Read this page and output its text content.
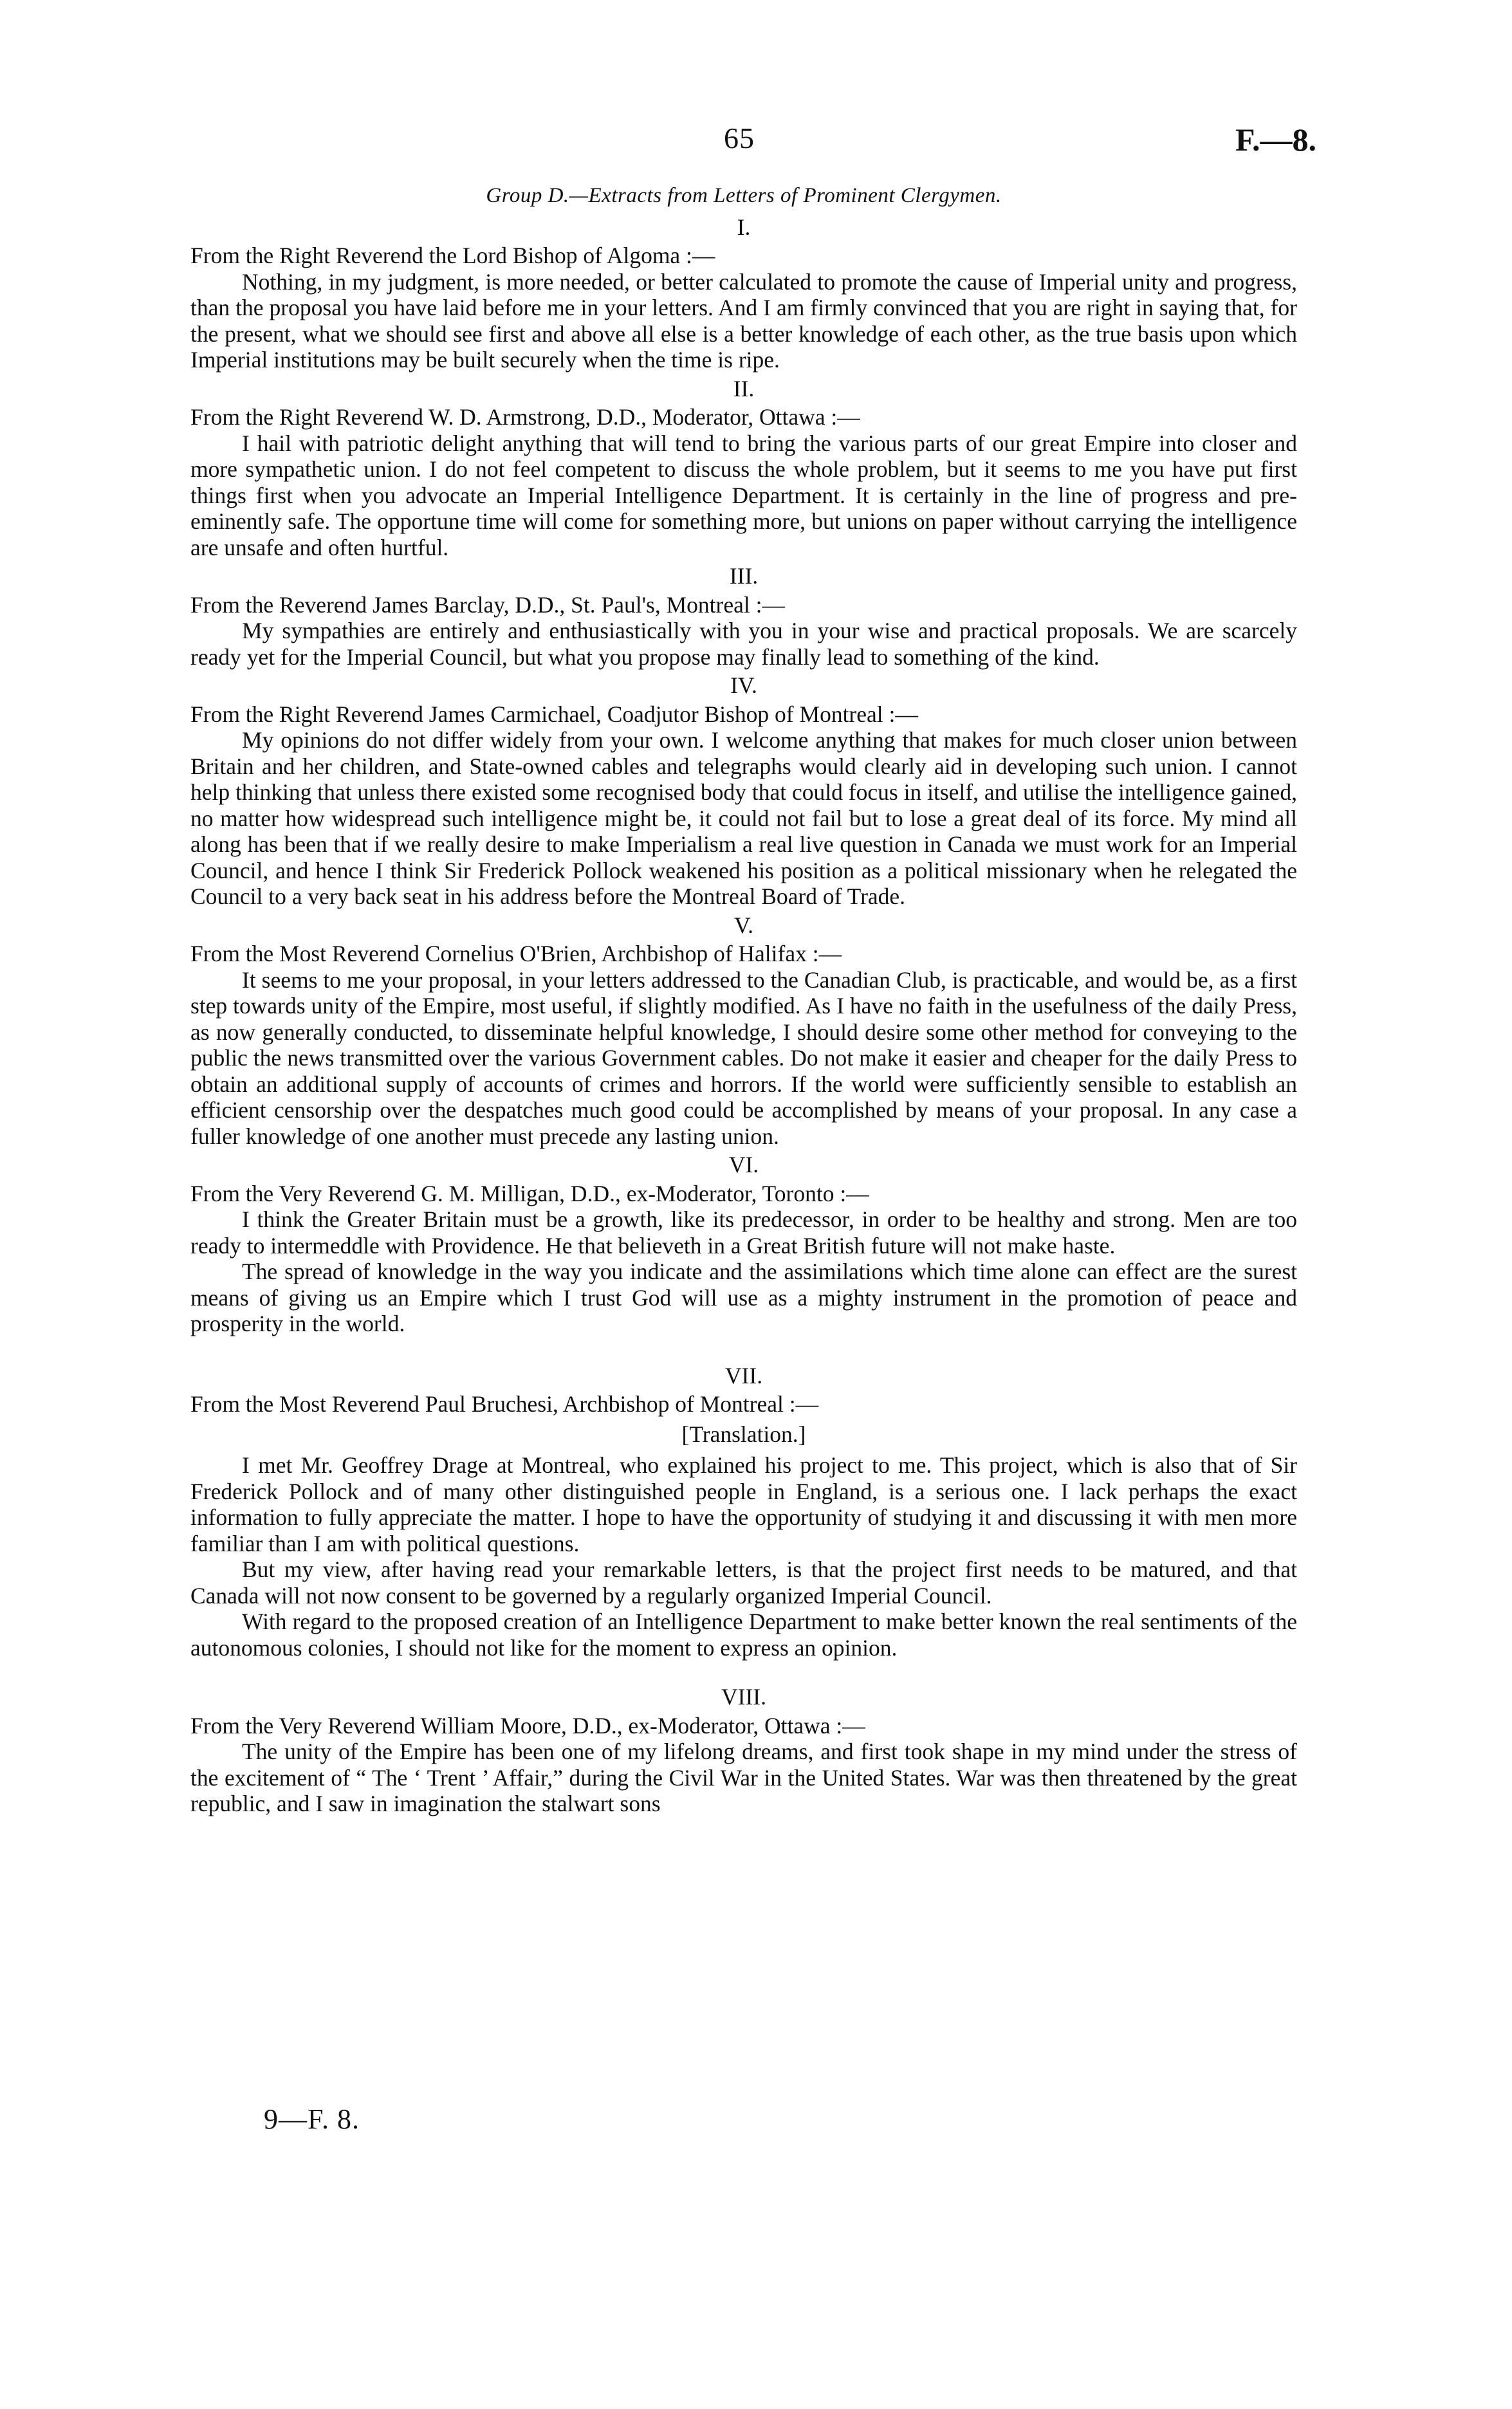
65	F.—8.
Group D.—Extracts from Letters of Prominent Clergymen.
I.

From the Right Reverend the Lord Bishop of Algoma :—

Nothing, in my judgment, is more needed, or better calculated to promote the cause of Imperial unity and progress, than the proposal you have laid before me in your letters. And I am firmly convinced that you are right in saying that, for the present, what we should see first and above all else is a better knowledge of each other, as the true basis upon which Imperial institutions may be built securely when the time is ripe.

II.

From the Right Reverend W. D. Armstrong, D.D., Moderator, Ottawa :—

I hail with patriotic delight anything that will tend to bring the various parts of our great Empire into closer and more sympathetic union. I do not feel competent to discuss the whole problem, but it seems to me you have put first things first when you advocate an Imperial Intelligence Department. It is certainly in the line of progress and pre-eminently safe. The opportune time will come for something more, but unions on paper without carrying the intelligence are unsafe and often hurtful.

III.

From the Reverend James Barclay, D.D., St. Paul's, Montreal :—

My sympathies are entirely and enthusiastically with you in your wise and practical proposals. We are scarcely ready yet for the Imperial Council, but what you propose may finally lead to something of the kind.

IV.

From the Right Reverend James Carmichael, Coadjutor Bishop of Montreal :—

My opinions do not differ widely from your own. I welcome anything that makes for much closer union between Britain and her children, and State-owned cables and telegraphs would clearly aid in developing such union. I cannot help thinking that unless there existed some recognised body that could focus in itself, and utilise the intelligence gained, no matter how widespread such intelligence might be, it could not fail but to lose a great deal of its force. My mind all along has been that if we really desire to make Imperialism a real live question in Canada we must work for an Imperial Council, and hence I think Sir Frederick Pollock weakened his position as a political missionary when he relegated the Council to a very back seat in his address before the Montreal Board of Trade.

V.

From the Most Reverend Cornelius O'Brien, Archbishop of Halifax :—

It seems to me your proposal, in your letters addressed to the Canadian Club, is practicable, and would be, as a first step towards unity of the Empire, most useful, if slightly modified. As I have no faith in the usefulness of the daily Press, as now generally conducted, to disseminate helpful knowledge, I should desire some other method for conveying to the public the news transmitted over the various Government cables. Do not make it easier and cheaper for the daily Press to obtain an additional supply of accounts of crimes and horrors. If the world were sufficiently sensible to establish an efficient censorship over the despatches much good could be accomplished by means of your proposal. In any case a fuller knowledge of one another must precede any lasting union.

VI.

From the Very Reverend G. M. Milligan, D.D., ex-Moderator, Toronto :—

I think the Greater Britain must be a growth, like its predecessor, in order to be healthy and strong. Men are too ready to intermeddle with Providence. He that believeth in a Great British future will not make haste.

The spread of knowledge in the way you indicate and the assimilations which time alone can effect are the surest means of giving us an Empire which I trust God will use as a mighty instrument in the promotion of peace and prosperity in the world.

VII.

From the Most Reverend Paul Bruchesi, Archbishop of Montreal :—

[Translation.]

I met Mr. Geoffrey Drage at Montreal, who explained his project to me. This project, which is also that of Sir Frederick Pollock and of many other distinguished people in England, is a serious one. I lack perhaps the exact information to fully appreciate the matter. I hope to have the opportunity of studying it and discussing it with men more familiar than I am with political questions.

But my view, after having read your remarkable letters, is that the project first needs to be matured, and that Canada will not now consent to be governed by a regularly organized Imperial Council.

With regard to the proposed creation of an Intelligence Department to make better known the real sentiments of the autonomous colonies, I should not like for the moment to express an opinion.

VIII.

From the Very Reverend William Moore, D.D., ex-Moderator, Ottawa :—

The unity of the Empire has been one of my lifelong dreams, and first took shape in my mind under the stress of the excitement of “ The ‘ Trent ’ Affair,” during the Civil War in the United States. War was then threatened by the great republic, and I saw in imagination the stalwart sons

9—F. 8.
